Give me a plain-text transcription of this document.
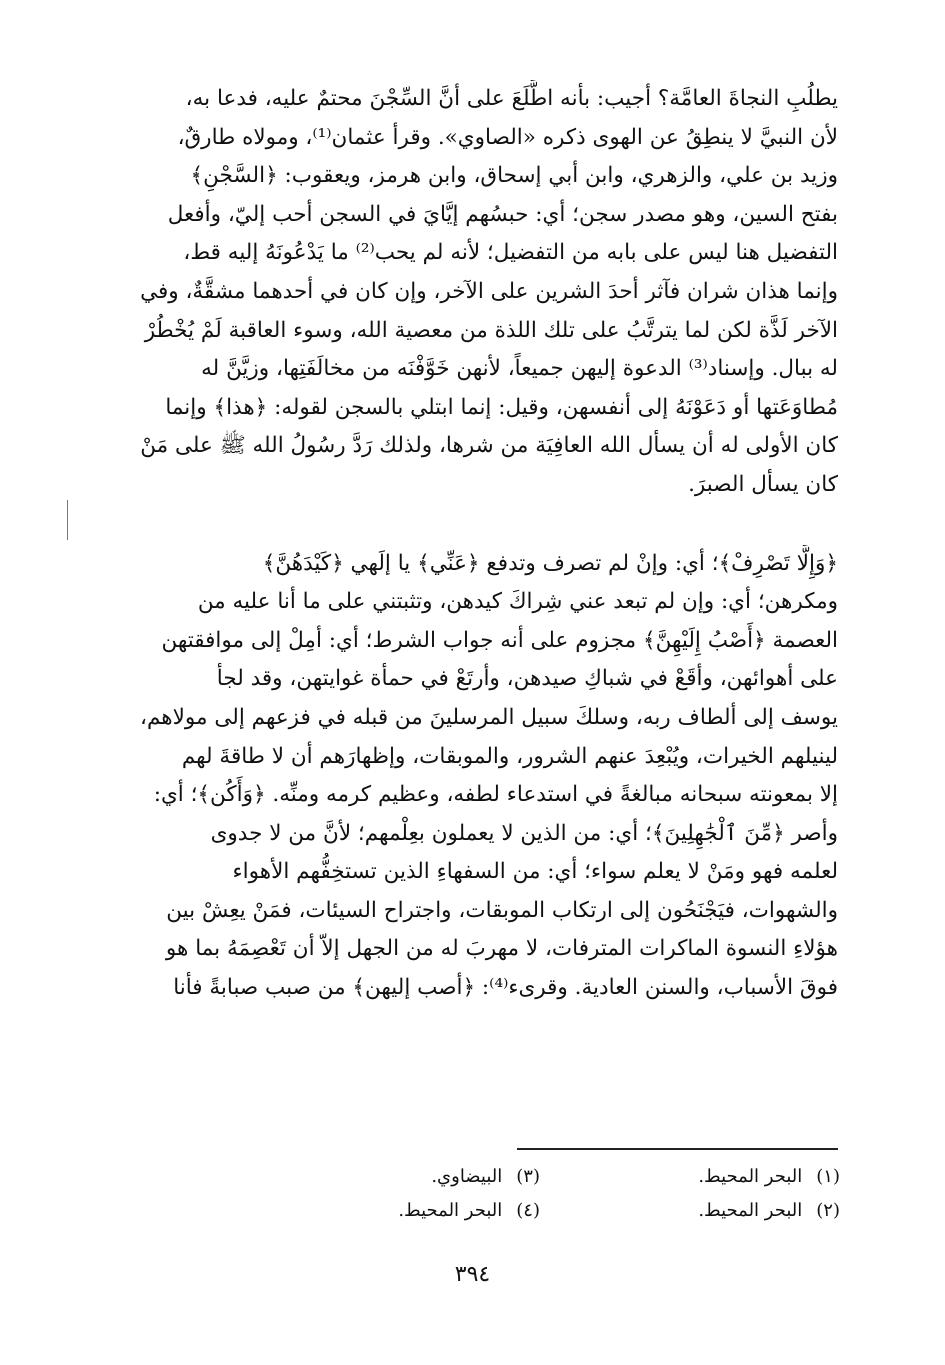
يطلُبِ النجاةَ العامَّة؟ أجيب: بأنه اطَّلَعَ على أنَّ السِّجْنَ محتمٌ عليه، فدعا به،
لأن النبيَّ لا ينطِقُ عن الهوى ذكره «الصاوي». وقرأ عثمان⁽¹⁾، ومولاه طارقٌ،
وزيد بن علي، والزهري، وابن أبي إسحاق، وابن هرمز، ويعقوب: ﴿السَّجْنِ﴾
بفتح السين، وهو مصدر سجن؛ أي: حبسُهم إيَّايَ في السجن أحب إليّ، وأفعل
التفضيل هنا ليس على بابه من التفضيل؛ لأنه لم يحب⁽²⁾ ما يَدْعُونَهُ إليه قط،
وإنما هذان شران فآثر أحدَ الشرين على الآخر، وإن كان في أحدهما مشقَّةٌ، وفي
الآخر لَذَّة لكن لما يترتَّبُ على تلك اللذة من معصية الله، وسوء العاقبة لَمْ يُخْطُرْ
له ببال. وإسناد⁽³⁾ الدعوة إليهن جميعاً، لأنهن خَوَّفْنَه من مخالَفَتِها، وزيَّنَّ له
مُطاوَعَتها أو دَعَوْنَهُ إلى أنفسهن، وقيل: إنما ابتلي بالسجن لقوله: ﴿هذا﴾ وإنما
كان الأولى له أن يسأل الله العافِيَة من شرها، ولذلك رَدَّ رسُولُ الله ﷺ على مَنْ
كان يسأل الصبرَ.
﴿وَإِلَّا تَصْرِفْ﴾؛ أي: وإنْ لم تصرف وتدفع ﴿عَنِّي﴾ يا إلَهي ﴿كَيْدَهُنَّ﴾
ومكرهن؛ أي: وإن لم تبعد عني شِراكَ كيدهن، وتثبتني على ما أنا عليه من
العصمة ﴿أَصْبُ إِلَيْهِنَّ﴾ مجزوم على أنه جواب الشرط؛ أي: أمِلْ إلى موافقتهن
على أهوائهن، وأقَعْ في شباكِ صيدهن، وأرتَعْ في حمأة غوايتهن، وقد لجأ
يوسف إلى ألطاف ربه، وسلكَ سبيل المرسلينَ من قبله في فزعهم إلى مولاهم،
لينيلهم الخيرات، ويُبْعِدَ عنهم الشرور، والموبقات، وإظهارَهم أن لا طاقةَ لهم
إلا بمعونته سبحانه مبالغةً في استدعاء لطفه، وعظيم كرمه ومنِّه. ﴿وَأَكُن﴾؛ أي:
وأصر ﴿مِّنَ ٱلْجَٰهِلِينَ﴾؛ أي: من الذين لا يعملون بعِلْمهم؛ لأنَّ من لا جدوى
لعلمه فهو ومَنْ لا يعلم سواء؛ أي: من السفهاءِ الذين تستخِفُّهم الأهواء
والشهوات، فيَجْنَحُون إلى ارتكاب الموبقات، واجتراح السيئات، فمَنْ يعِشْ بين
هؤلاءِ النسوة الماكرات المترفات، لا مهربَ له من الجهل إلاّ أن تَعْصِمَهُ بما هو
فوقَ الأسباب، والسنن العادية. وقرىء⁽⁴⁾: ﴿أصب إليهن﴾ من صبب صبابةً فأنا
(١)البحر المحيط.
(٣)البيضاوي.
(٢)البحر المحيط.
(٤)البحر المحيط.
٣٩٤
